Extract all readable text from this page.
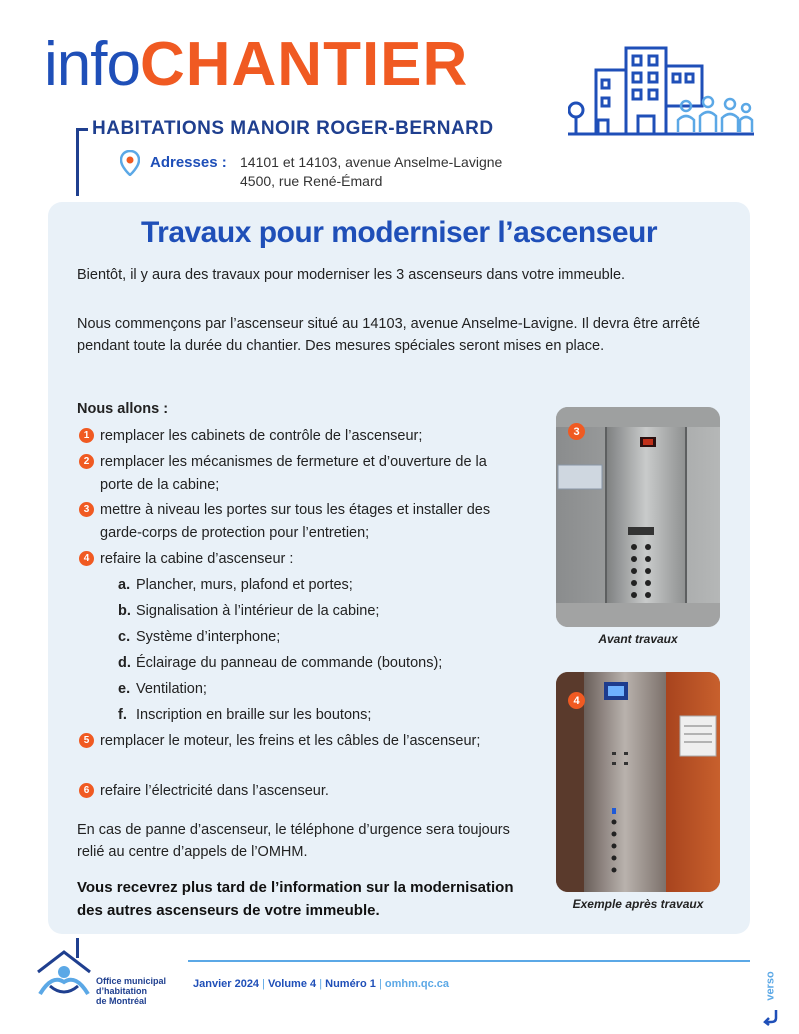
infoCHANTIER
HABITATIONS MANOIR ROGER-BERNARD
Adresses : 14101 et 14103, avenue Anselme-Lavigne
4500, rue René-Émard
Travaux pour moderniser l’ascenseur
Bientôt, il y aura des travaux pour moderniser les 3 ascenseurs dans votre immeuble.
Nous commençons par l’ascenseur situé au 14103, avenue Anselme-Lavigne. Il devra être arrêté pendant toute la durée du chantier. Des mesures spéciales seront mises en place.
Nous allons :
1 remplacer les cabinets de contrôle de l’ascenseur;
2 remplacer les mécanismes de fermeture et d’ouverture de la porte de la cabine;
3 mettre à niveau les portes sur tous les étages et installer des garde-corps de protection pour l’entretien;
4 refaire la cabine d’ascenseur :
a. Plancher, murs, plafond et portes;
b. Signalisation à l’intérieur de la cabine;
c. Système d’interphone;
d. Éclairage du panneau de commande (boutons);
e. Ventilation;
f. Inscription en braille sur les boutons;
5 remplacer le moteur, les freins et les câbles de l’ascenseur;
6 refaire l’électricité dans l’ascenseur.
En cas de panne d’ascenseur, le téléphone d’urgence sera toujours relié au centre d’appels de l’OMHM.
Vous recevrez plus tard de l’information sur la modernisation des autres ascenseurs de votre immeuble.
3
Avant travaux
4
Exemple après travaux
Office municipal
d’habitation
de Montréal
Janvier 2024 | Volume 4 | Numéro 1 | omhm.qc.ca	verso
